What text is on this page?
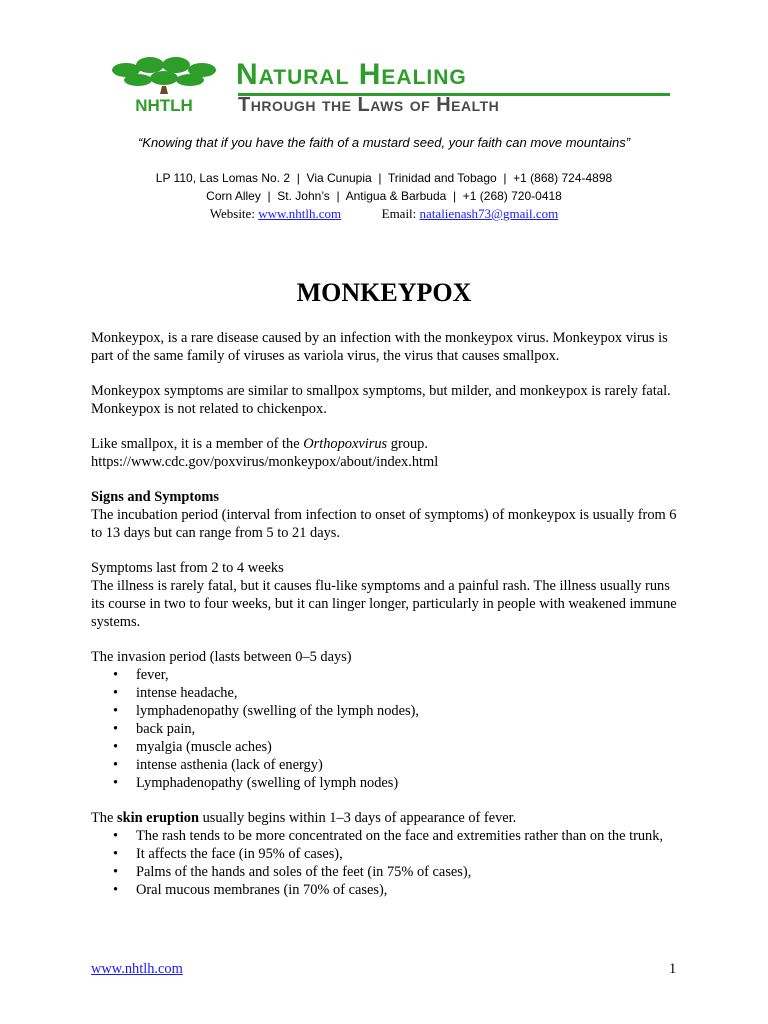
NHTLH
Natural Healing
Through the Laws of Health
“Knowing that if you have the faith of a mustard seed, your faith can move mountains”
LP 110, Las Lomas No. 2  |  Via Cunupia  |  Trinidad and Tobago  |  +1 (868) 724-4898
Corn Alley  |  St. John’s  |  Antigua & Barbuda  |  +1 (268) 720-0418
Website: www.nhtlh.com	Email: natalienash73@gmail.com
MONKEYPOX

Monkeypox, is a rare disease caused by an infection with the monkeypox virus. Monkeypox virus is part of the same family of viruses as variola virus, the virus that causes smallpox.

Monkeypox symptoms are similar to smallpox symptoms, but milder, and monkeypox is rarely fatal. Monkeypox is not related to chickenpox.

Like smallpox, it is a member of the Orthopoxvirus group.

https://www.cdc.gov/poxvirus/monkeypox/about/index.html

Signs and Symptoms

The incubation period (interval from infection to onset of symptoms) of monkeypox is usually from 6 to 13 days but can range from 5 to 21 days.

Symptoms last from 2 to 4 weeks

The illness is rarely fatal, but it causes flu-like symptoms and a painful rash. The illness usually runs its course in two to four weeks, but it can linger longer, particularly in people with weakened immune systems.

The invasion period (lasts between 0–5 days)

• fever,
• intense headache,
• lymphadenopathy (swelling of the lymph nodes),
• back pain,
• myalgia (muscle aches)
• intense asthenia (lack of energy)
• Lymphadenopathy (swelling of lymph nodes)

The skin eruption usually begins within 1–3 days of appearance of fever.

• The rash tends to be more concentrated on the face and extremities rather than on the trunk,
• It affects the face (in 95% of cases),
• Palms of the hands and soles of the feet (in 75% of cases),
• Oral mucous membranes (in 70% of cases),
www.nhtlh.com	1
